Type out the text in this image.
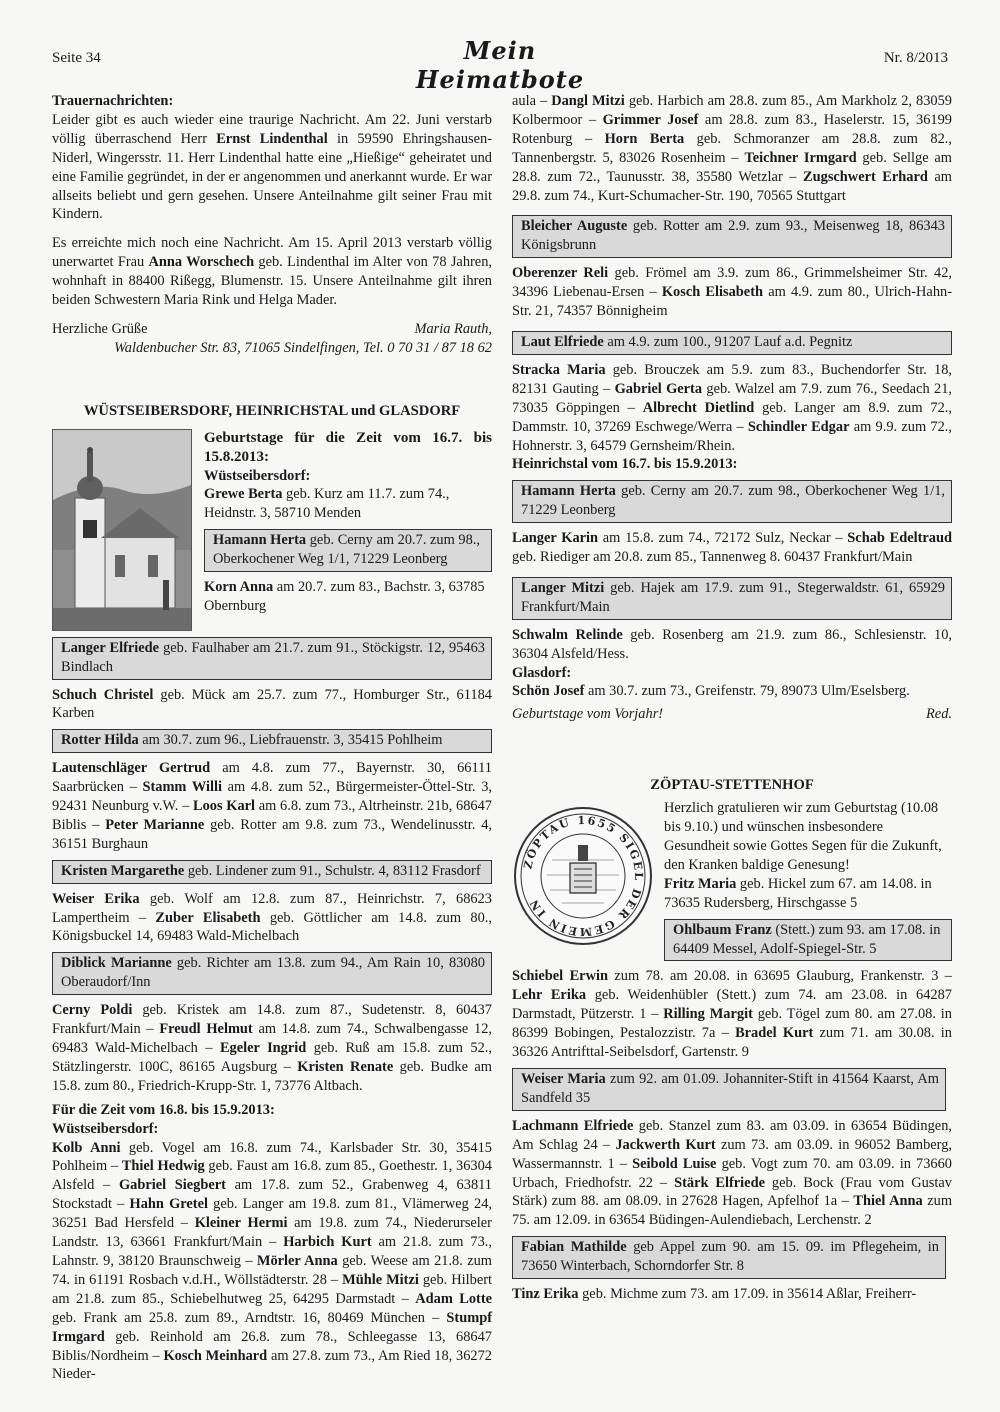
Seite 34	Mein Heimatbote
Nr. 8/2013

Trauernachrichten:

Leider gibt es auch wieder eine traurige Nachricht. Am 22. Juni verstarb völlig überraschend Herr Ernst Lindenthal in 59590 Ehringshausen-Niderl, Wingersstr. 11. Herr Lindenthal hatte eine „Hießige“ geheiratet und eine Familie gegründet, in der er angenommen und anerkannt wurde. Er war allseits beliebt und gern gesehen. Unsere Anteilnahme gilt seiner Frau mit Kindern.

Es erreichte mich noch eine Nachricht. Am 15. April 2013 verstarb völlig unerwartet Frau Anna Worschech geb. Lindenthal im Alter von 78 Jahren, wohnhaft in 88400 Rißegg, Blumenstr. 15. Unsere Anteilnahme gilt ihren beiden Schwestern Maria Rink und Helga Mader.

Herzliche Grüße	Maria Rauth,

Waldenbucher Str. 83, 71065 Sindelfingen, Tel. 0 70 31 / 87 18 62

WÜSTSEIBERSDORF, HEINRICHSTAL und GLASDORF

Geburtstage für die Zeit vom 16.7. bis 15.8.2013:

Wüstseibersdorf:

Grewe Berta geb. Kurz am 11.7. zum 74., Heidnstr. 3, 58710 Menden

Hamann Herta geb. Cerny am 20.7. zum 98., Oberkochener Weg 1/1, 71229 Leonberg

Korn Anna am 20.7. zum 83., Bachstr. 3, 63785 Obernburg

Langer Elfriede geb. Faulhaber am 21.7. zum 91., Stöckigstr. 12, 95463 Bindlach

Schuch Christel geb. Mück am 25.7. zum 77., Homburger Str., 61184 Karben

Rotter Hilda am 30.7. zum 96., Liebfrauenstr. 3, 35415 Pohlheim

Lautenschläger Gertrud am 4.8. zum 77., Bayernstr. 30, 66111 Saarbrücken – Stamm Willi am 4.8. zum 52., Bürgermeister-Öttel-Str. 3, 92431 Neunburg v.W. – Loos Karl am 6.8. zum 73., Altrheinstr. 21b, 68647 Biblis – Peter Marianne geb. Rotter am 9.8. zum 73., Wendelinusstr. 4, 36151 Burghaun

Kristen Margarethe geb. Lindener zum 91., Schulstr. 4, 83112 Frasdorf

Weiser Erika geb. Wolf am 12.8. zum 87., Heinrichstr. 7, 68623 Lampertheim – Zuber Elisabeth geb. Göttlicher am 14.8. zum 80., Königsbuckel 14, 69483 Wald-Michelbach

Diblick Marianne geb. Richter am 13.8. zum 94., Am Rain 10, 83080 Oberaudorf/Inn

Cerny Poldi geb. Kristek am 14.8. zum 87., Sudetenstr. 8, 60437 Frankfurt/Main – Freudl Helmut am 14.8. zum 74., Schwalbengasse 12, 69483 Wald-Michelbach – Egeler Ingrid geb. Ruß am 15.8. zum 52., Stätzlingerstr. 100C, 86165 Augsburg – Kristen Renate geb. Budke am 15.8. zum 80., Friedrich-Krupp-Str. 1, 73776 Altbach.

Für die Zeit vom 16.8. bis 15.9.2013:

Wüstseibersdorf:

Kolb Anni geb. Vogel am 16.8. zum 74., Karlsbader Str. 30, 35415 Pohlheim – Thiel Hedwig geb. Faust am 16.8. zum 85., Goethestr. 1, 36304 Alsfeld – Gabriel Siegbert am 17.8. zum 52., Grabenweg 4, 63811 Stockstadt – Hahn Gretel geb. Langer am 19.8. zum 81., Vlämerweg 24, 36251 Bad Hersfeld – Kleiner Hermi am 19.8. zum 74., Niederurseler Landstr. 13, 63661 Frankfurt/Main – Harbich Kurt am 21.8. zum 73., Lahnstr. 9, 38120 Braunschweig – Mörler Anna geb. Weese am 21.8. zum 74. in 61191 Rosbach v.d.H., Wöllstädterstr. 28 – Mühle Mitzi geb. Hilbert am 21.8. zum 85., Schiebelhutweg 25, 64295 Darmstadt – Adam Lotte geb. Frank am 25.8. zum 89., Arndtstr. 16, 80469 München – Stumpf Irmgard geb. Reinhold am 26.8. zum 78., Schleegasse 13, 68647 Biblis/Nordheim – Kosch Meinhard am 27.8. zum 73., Am Ried 18, 36272 Nieder-

aula – Dangl Mitzi geb. Harbich am 28.8. zum 85., Am Markholz 2, 83059 Kolbermoor – Grimmer Josef am 28.8. zum 83., Haselerstr. 15, 36199 Rotenburg – Horn Berta geb. Schmoranzer am 28.8. zum 82., Tannenbergstr. 5, 83026 Rosenheim – Teichner Irmgard geb. Sellge am 28.8. zum 72., Taunusstr. 38, 35580 Wetzlar – Zugschwert Erhard am 29.8. zum 74., Kurt-Schumacher-Str. 190, 70565 Stuttgart

Bleicher Auguste geb. Rotter am 2.9. zum 93., Meisenweg 18, 86343 Königsbrunn

Oberenzer Reli geb. Frömel am 3.9. zum 86., Grimmelsheimer Str. 42, 34396 Liebenau-Ersen – Kosch Elisabeth am 4.9. zum 80., Ulrich-Hahn-Str. 21, 74357 Bönnigheim

Laut Elfriede am 4.9. zum 100., 91207 Lauf a.d. Pegnitz

Stracka Maria geb. Brouczek am 5.9. zum 83., Buchendorfer Str. 18, 82131 Gauting – Gabriel Gerta geb. Walzel am 7.9. zum 76., Seedach 21, 73035 Göppingen – Albrecht Dietlind geb. Langer am 8.9. zum 72., Dammstr. 10, 37269 Eschwege/Werra – Schindler Edgar am 9.9. zum 72., Hohnerstr. 3, 64579 Gernsheim/Rhein.

Heinrichstal vom 16.7. bis 15.9.2013:

Hamann Herta geb. Cerny am 20.7. zum 98., Oberkochener Weg 1/1, 71229 Leonberg

Langer Karin am 15.8. zum 74., 72172 Sulz, Neckar – Schab Edeltraud geb. Riediger am 20.8. zum 85., Tannenweg 8. 60437 Frankfurt/Main

Langer Mitzi geb. Hajek am 17.9. zum 91., Stegerwaldstr. 61, 65929 Frankfurt/Main

Schwalm Relinde geb. Rosenberg am 21.9. zum 86., Schlesienstr. 10, 36304 Alsfeld/Hess.

Glasdorf:

Schön Josef am 30.7. zum 73., Greifenstr. 79, 89073 Ulm/Eselsberg.

Geburtstage vom Vorjahr!	Red.

ZÖPTAU-STETTENHOF

ZÖPTAU 1655 SIGEL DER GEMEIN IN

Herzlich gratulieren wir zum Geburtstag (10.08 bis 9.10.) und wünschen insbesondere Gesundheit sowie Gottes Segen für die Zukunft, den Kranken baldige Genesung!

Fritz Maria geb. Hickel zum 67. am 14.08. in 73635 Rudersberg, Hirschgasse 5

Ohlbaum Franz (Stett.) zum 93. am 17.08. in 64409 Messel, Adolf-Spiegel-Str. 5

Schiebel Erwin zum 78. am 20.08. in 63695 Glauburg, Frankenstr. 3 – Lehr Erika geb. Weidenhübler (Stett.) zum 74. am 23.08. in 64287 Darmstadt, Pützerstr. 1 – Rilling Margit geb. Tögel zum 80. am 27.08. in 86399 Bobingen, Pestalozzistr. 7a – Bradel Kurt zum 71. am 30.08. in 36326 Antrifttal-Seibelsdorf, Gartenstr. 9

Weiser Maria zum 92. am 01.09. Johanniter-Stift in 41564 Kaarst, Am Sandfeld 35

Lachmann Elfriede geb. Stanzel zum 83. am 03.09. in 63654 Büdingen, Am Schlag 24 – Jackwerth Kurt zum 73. am 03.09. in 96052 Bamberg, Wassermannstr. 1 – Seibold Luise geb. Vogt zum 70. am 03.09. in 73660 Urbach, Friedhofstr. 22 – Stärk Elfriede geb. Bock (Frau vom Gustav Stärk) zum 88. am 08.09. in 27628 Hagen, Apfelhof 1a – Thiel Anna zum 75. am 12.09. in 63654 Büdingen-Aulendiebach, Lerchenstr. 2

Fabian Mathilde geb Appel zum 90. am 15. 09. im Pflegeheim, in 73650 Winterbach, Schorndorfer Str. 8

Tinz Erika geb. Michme zum 73. am 17.09. in 35614 Aßlar, Freiherr-
